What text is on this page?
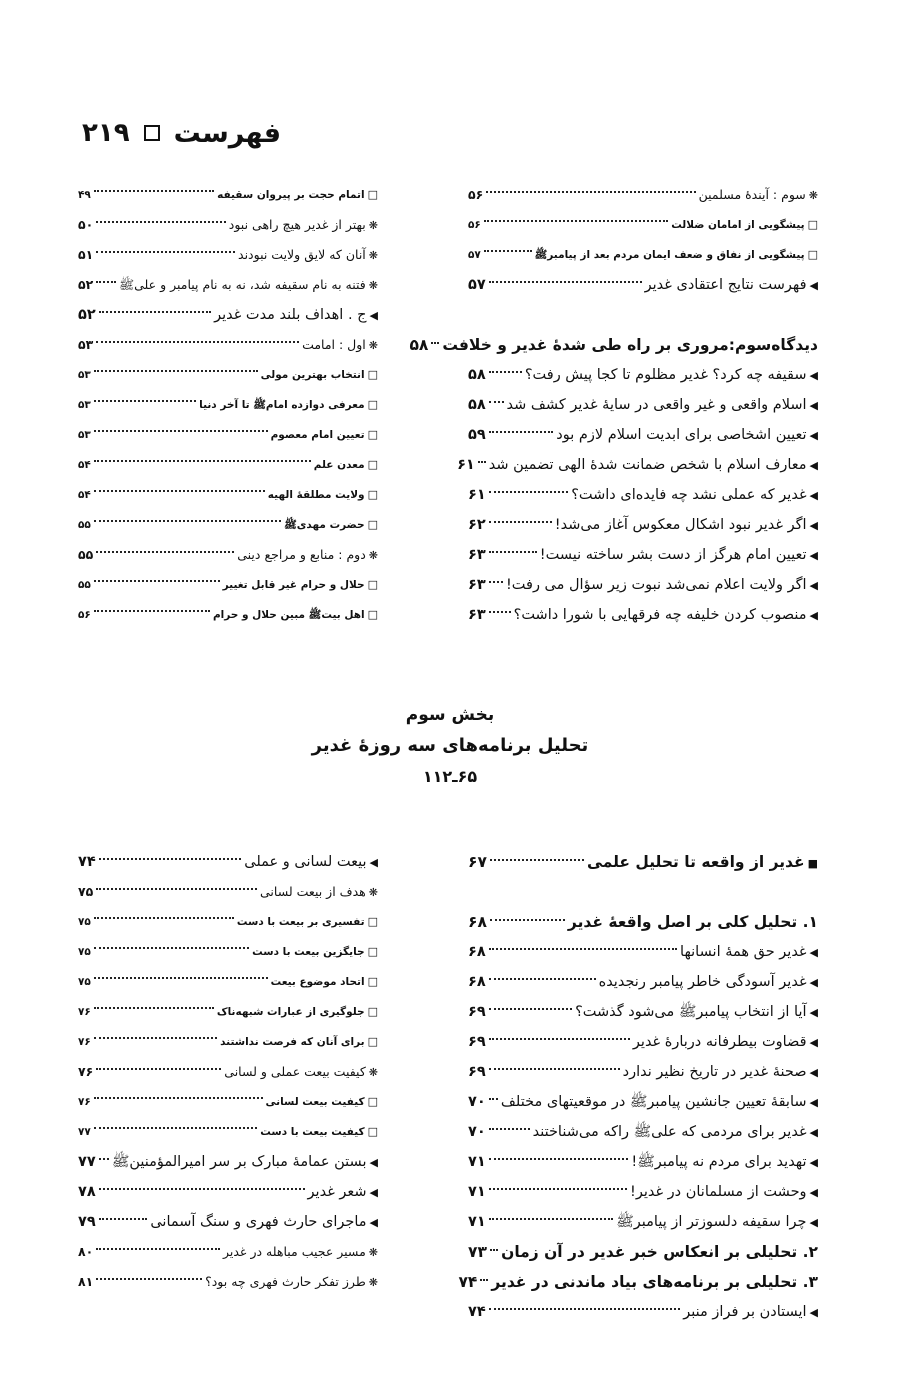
۲۱۹ فهرست
❋
سوم : آیندۀ مسلمین
۵۶
□
پیشگویی از امامان ضلالت
۵۶
□
پیشگویی از نفاق و ضعف ایمان مردم بعد از پیامبرﷺ
۵۷
◀
فهرست نتایج اعتقادی غدیر
۵۷
دیدگاه‌سوم:مروری بر راه طی شدۀ غدیر و خلافت
۵۸
◀
سقیفه چه کرد؟ غدیر مظلوم تا کجا پیش رفت؟
۵۸
◀
اسلام واقعی و غیر واقعی در سایۀ غدیر کشف شد
۵۸
◀
تعیین اشخاصی برای ابدیت اسلام لازم بود
۵۹
◀
معارف اسلام با شخص ضمانت شدۀ الهی تضمین شد
۶۱
◀
غدیر که عملی نشد چه فایده‌ای داشت؟
۶۱
◀
اگر غدیر نبود اشکال معکوس آغاز می‌شد!
۶۲
◀
تعیین امام هرگز از دست بشر ساخته نیست!
۶۳
◀
اگر ولایت اعلام نمی‌شد نبوت زیر سؤال می رفت!
۶۳
◀
منصوب کردن خلیفه چه فرقهایی با شورا داشت؟
۶۳
□
اتمام حجت بر پیروان سقیفه
۴۹
❋
بهتر از غدیر هیچ راهی نبود
۵۰
❋
آنان که لایق ولایت نبودند
۵۱
❋
فتنه به نام سقیفه شد، نه به نام پیامبر و علیﷺ
۵۲
◀
ج . اهداف بلند مدت غدیر
۵۲
❋
اول : امامت
۵۳
□
انتخاب بهترین مولی
۵۳
□
معرفی دوازده امامﷺ تا آخر دنیا
۵۳
□
تعیین امام معصوم
۵۳
□
معدن علم
۵۴
□
ولایت مطلقۀ الهیه
۵۴
□
حضرت مهدیﷺ
۵۵
❋
دوم : منابع و مراجع دینی
۵۵
□
حلال و حرام غیر قابل تغییر
۵۵
□
اهل بیتﷺ مبین حلال و حرام
۵۶
بخش سوم
تحلیل برنامه‌های سه روزۀ غدیر
۶۵ـ۱۱۲
■
غدیر از واقعه تا تحلیل علمی
۶۷
۱. تحلیل کلی بر اصل واقعۀ غدیر
۶۸
◀
غدیر حق همۀ انسانها
۶۸
◀
غدیر آسودگی خاطر پیامبر رنجدیده
۶۸
◀
آیا از انتخاب پیامبرﷺ می‌شود گذشت؟
۶۹
◀
قضاوت بیطرفانه دربارۀ غدیر
۶۹
◀
صحنۀ غدیر در تاریخ نظیر ندارد
۶۹
◀
سابقۀ تعیین جانشین پیامبرﷺ در موقعیتهای مختلف
۷۰
◀
غدیر برای مردمی که علیﷺ راکه می‌شناختند
۷۰
◀
تهدید برای مردم نه پیامبرﷺ!
۷۱
◀
وحشت از مسلمانان در غدیر!
۷۱
◀
چرا سقیفه دلسوزتر از پیامبرﷺ
۷۱
۲. تحلیلی بر انعکاس خبر غدیر در آن زمان
۷۳
۳. تحلیلی بر برنامه‌های بیاد ماندنی در غدیر
۷۴
◀
ایستادن بر فراز منبر
۷۴
◀
بیعت لسانی و عملی
۷۴
❋
هدف از بیعت لسانی
۷۵
□
تفسیری بر بیعت با دست
۷۵
□
جایگزین بیعت با دست
۷۵
□
اتحاد موضوع بیعت
۷۵
□
جلوگیری از عبارات شبهه‌ناک
۷۶
□
برای آنان که فرصت نداشتند
۷۶
❋
کیفیت بیعت عملی و لسانی
۷۶
□
کیفیت بیعت لسانی
۷۶
□
کیفیت بیعت با دست
۷۷
◀
بستن عمامۀ مبارک بر سر امیرالمؤمنینﷺ
۷۷
◀
شعر غدیر
۷۸
◀
ماجرای حارث فهری و سنگ آسمانی
۷۹
❋
مسیر عجیب مباهله در غدیر
۸۰
❋
طرز تفکر حارث فهری چه بود؟
۸۱
